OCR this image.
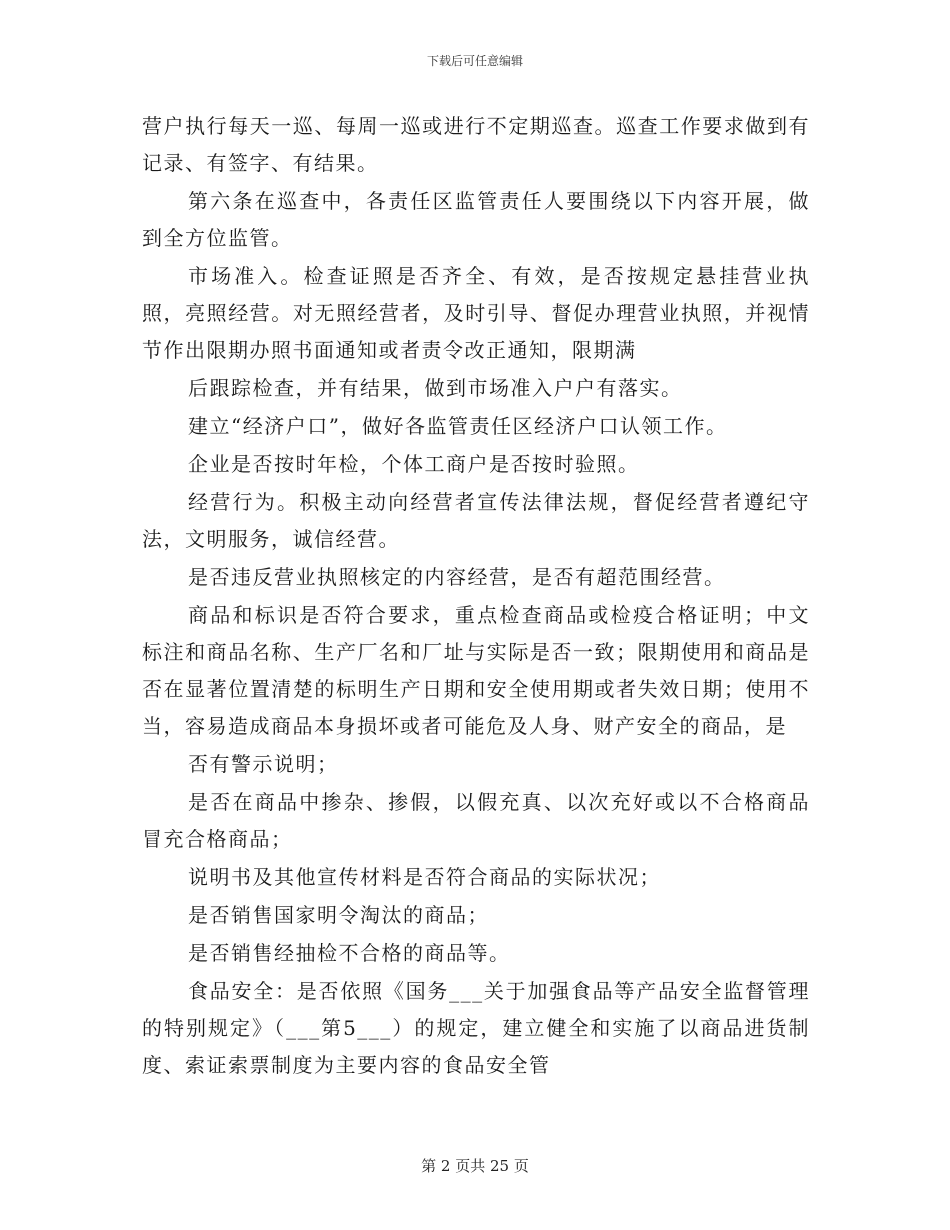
下载后可任意编辑

营户执行每天一巡、每周一巡或进行不定期巡查。巡查工作要求做到有记录、有签字、有结果。

第六条在巡查中，各责任区监管责任人要围绕以下内容开展，做到全方位监管。

市场准入。检查证照是否齐全、有效，是否按规定悬挂营业执照，亮照经营。对无照经营者，及时引导、督促办理营业执照，并视情节作出限期办照书面通知或者责令改正通知，限期满

后跟踪检查，并有结果，做到市场准入户户有落实。

建立“经济户口”，做好各监管责任区经济户口认领工作。

企业是否按时年检，个体工商户是否按时验照。

经营行为。积极主动向经营者宣传法律法规，督促经营者遵纪守法，文明服务，诚信经营。

是否违反营业执照核定的内容经营，是否有超范围经营。

商品和标识是否符合要求，重点检查商品或检疫合格证明；中文标注和商品名称、生产厂名和厂址与实际是否一致；限期使用和商品是否在显著位置清楚的标明生产日期和安全使用期或者失效日期；使用不当，容易造成商品本身损坏或者可能危及人身、财产安全的商品，是

否有警示说明；

是否在商品中掺杂、掺假，以假充真、以次充好或以不合格商品冒充合格商品；

说明书及其他宣传材料是否符合商品的实际状况；

是否销售国家明令淘汰的商品；

是否销售经抽检不合格的商品等。

食品安全：是否依照《国务___关于加强食品等产品安全监督管理的特别规定》（___第5___）的规定，建立健全和实施了以商品进货制度、索证索票制度为主要内容的食品安全管

第 2 页共 25 页
